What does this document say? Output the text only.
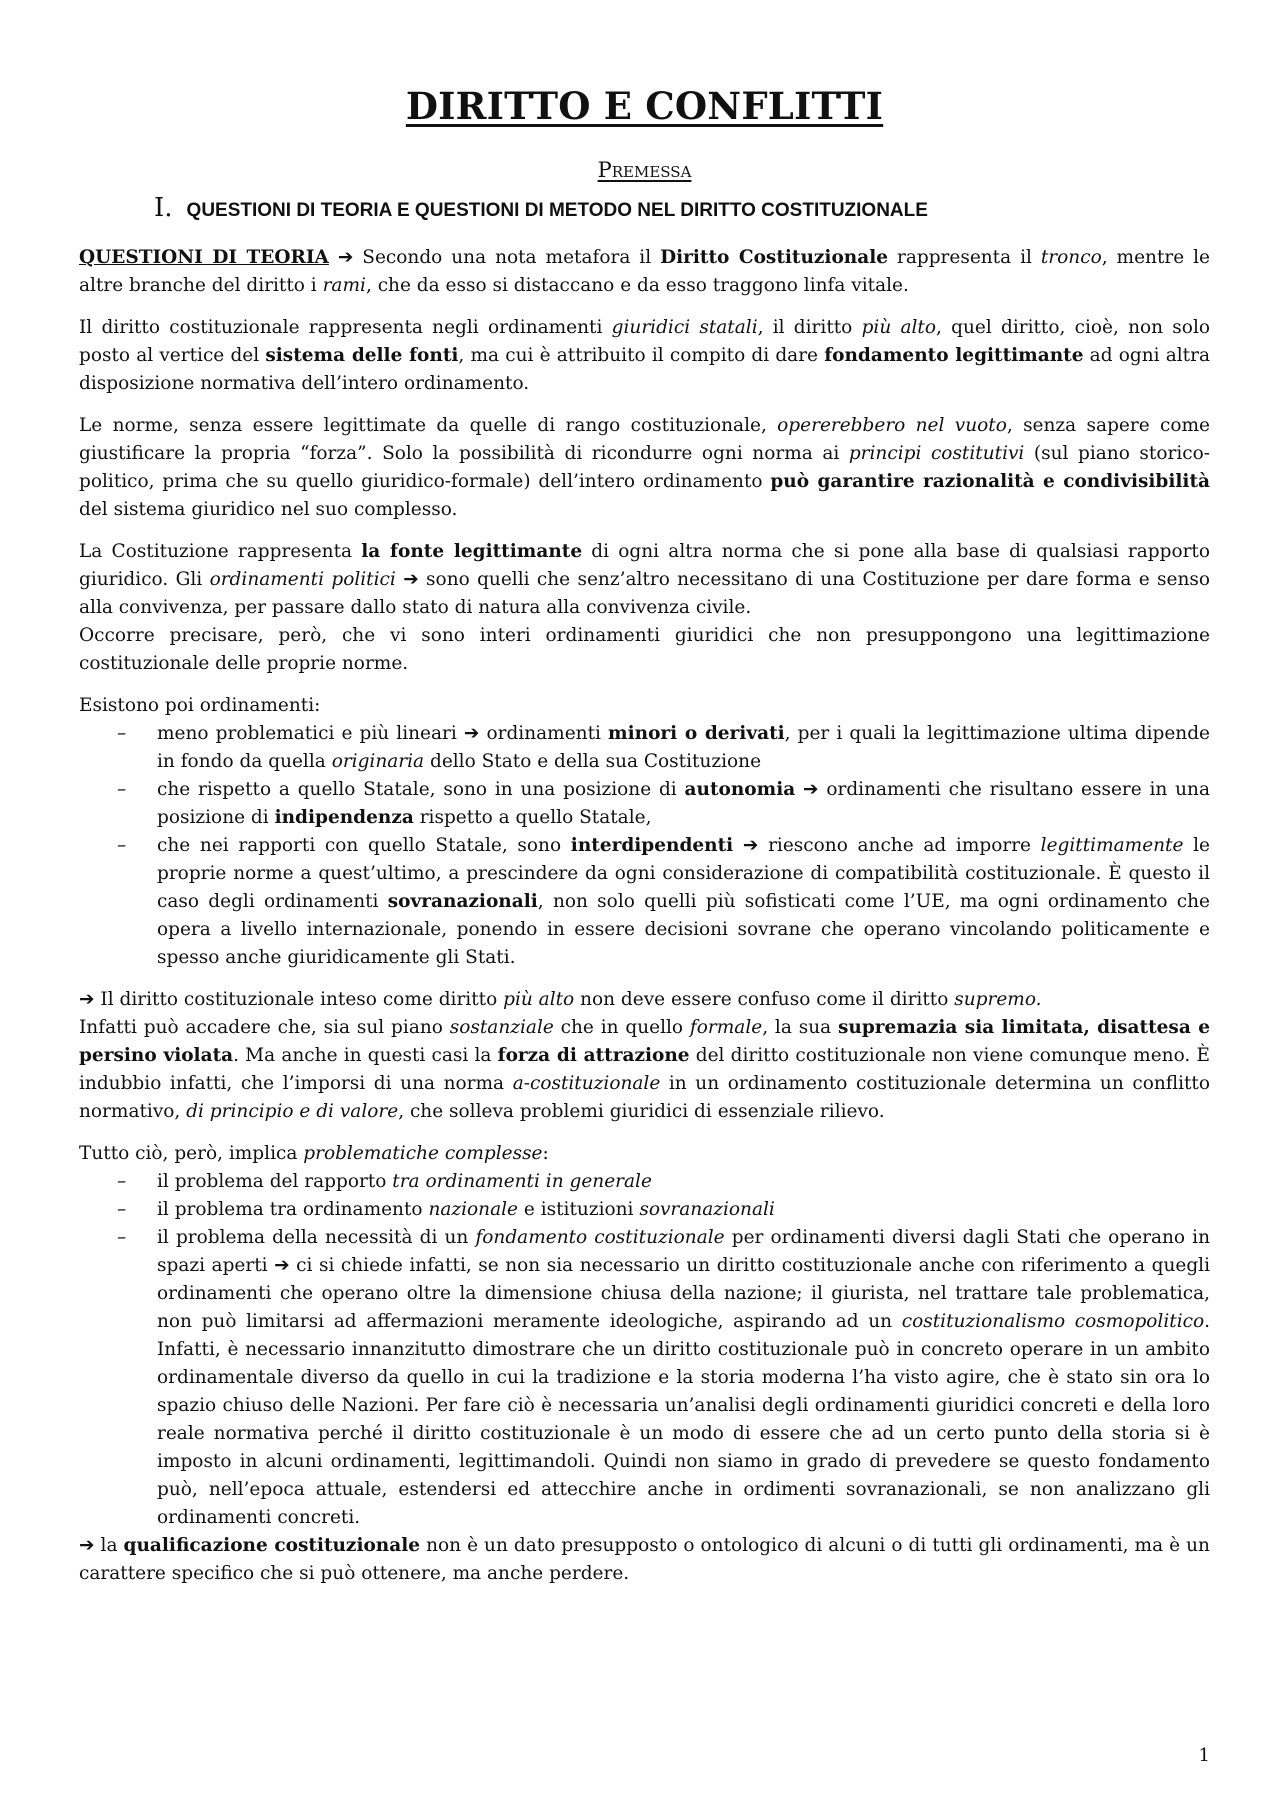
DIRITTO E CONFLITTI
Premessa
I. QUESTIONI DI TEORIA E QUESTIONI DI METODO NEL DIRITTO COSTITUZIONALE

QUESTIONI DI TEORIA ➔ Secondo una nota metafora il Diritto Costituzionale rappresenta il tronco, mentre le altre branche del diritto i rami, che da esso si distaccano e da esso traggono linfa vitale.

Il diritto costituzionale rappresenta negli ordinamenti giuridici statali, il diritto più alto, quel diritto, cioè, non solo posto al vertice del sistema delle fonti, ma cui è attribuito il compito di dare fondamento legittimante ad ogni altra disposizione normativa dell’intero ordinamento.

Le norme, senza essere legittimate da quelle di rango costituzionale, opererebbero nel vuoto, senza sapere come giustificare la propria “forza”. Solo la possibilità di ricondurre ogni norma ai principi costitutivi (sul piano storico-politico, prima che su quello giuridico-formale) dell’intero ordinamento può garantire razionalità e condivisibilità del sistema giuridico nel suo complesso.

La Costituzione rappresenta la fonte legittimante di ogni altra norma che si pone alla base di qualsiasi rapporto giuridico. Gli ordinamenti politici ➔ sono quelli che senz’altro necessitano di una Costituzione per dare forma e senso alla convivenza, per passare dallo stato di natura alla convivenza civile.

Occorre precisare, però, che vi sono interi ordinamenti giuridici che non presuppongono una legittimazione costituzionale delle proprie norme.

Esistono poi ordinamenti:

– meno problematici e più lineari ➔ ordinamenti minori o derivati, per i quali la legittimazione ultima dipende in fondo da quella originaria dello Stato e della sua Costituzione
– che rispetto a quello Statale, sono in una posizione di autonomia ➔ ordinamenti che risultano essere in una posizione di indipendenza rispetto a quello Statale,
– che nei rapporti con quello Statale, sono interdipendenti ➔ riescono anche ad imporre legittimamente le proprie norme a quest’ultimo, a prescindere da ogni considerazione di compatibilità costituzionale. È questo il caso degli ordinamenti sovranazionali, non solo quelli più sofisticati come l’UE, ma ogni ordinamento che opera a livello internazionale, ponendo in essere decisioni sovrane che operano vincolando politicamente e spesso anche giuridicamente gli Stati.

➔ Il diritto costituzionale inteso come diritto più alto non deve essere confuso come il diritto supremo.

Infatti può accadere che, sia sul piano sostanziale che in quello formale, la sua supremazia sia limitata, disattesa e persino violata. Ma anche in questi casi la forza di attrazione del diritto costituzionale non viene comunque meno. È indubbio infatti, che l’imporsi di una norma a-costituzionale in un ordinamento costituzionale determina un conflitto normativo, di principio e di valore, che solleva problemi giuridici di essenziale rilievo.

Tutto ciò, però, implica problematiche complesse:

– il problema del rapporto tra ordinamenti in generale
– il problema tra ordinamento nazionale e istituzioni sovranazionali
– il problema della necessità di un fondamento costituzionale per ordinamenti diversi dagli Stati che operano in spazi aperti ➔ ci si chiede infatti, se non sia necessario un diritto costituzionale anche con riferimento a quegli ordinamenti che operano oltre la dimensione chiusa della nazione; il giurista, nel trattare tale problematica, non può limitarsi ad affermazioni meramente ideologiche, aspirando ad un costituzionalismo cosmopolitico. Infatti, è necessario innanzitutto dimostrare che un diritto costituzionale può in concreto operare in un ambito ordinamentale diverso da quello in cui la tradizione e la storia moderna l’ha visto agire, che è stato sin ora lo spazio chiuso delle Nazioni. Per fare ciò è necessaria un’analisi degli ordinamenti giuridici concreti e della loro reale normativa perché il diritto costituzionale è un modo di essere che ad un certo punto della storia si è imposto in alcuni ordinamenti, legittimandoli. Quindi non siamo in grado di prevedere se questo fondamento può, nell’epoca attuale, estendersi ed attecchire anche in ordimenti sovranazionali, se non analizzano gli ordinamenti concreti.

➔ la qualificazione costituzionale non è un dato presupposto o ontologico di alcuni o di tutti gli ordinamenti, ma è un carattere specifico che si può ottenere, ma anche perdere.

1
